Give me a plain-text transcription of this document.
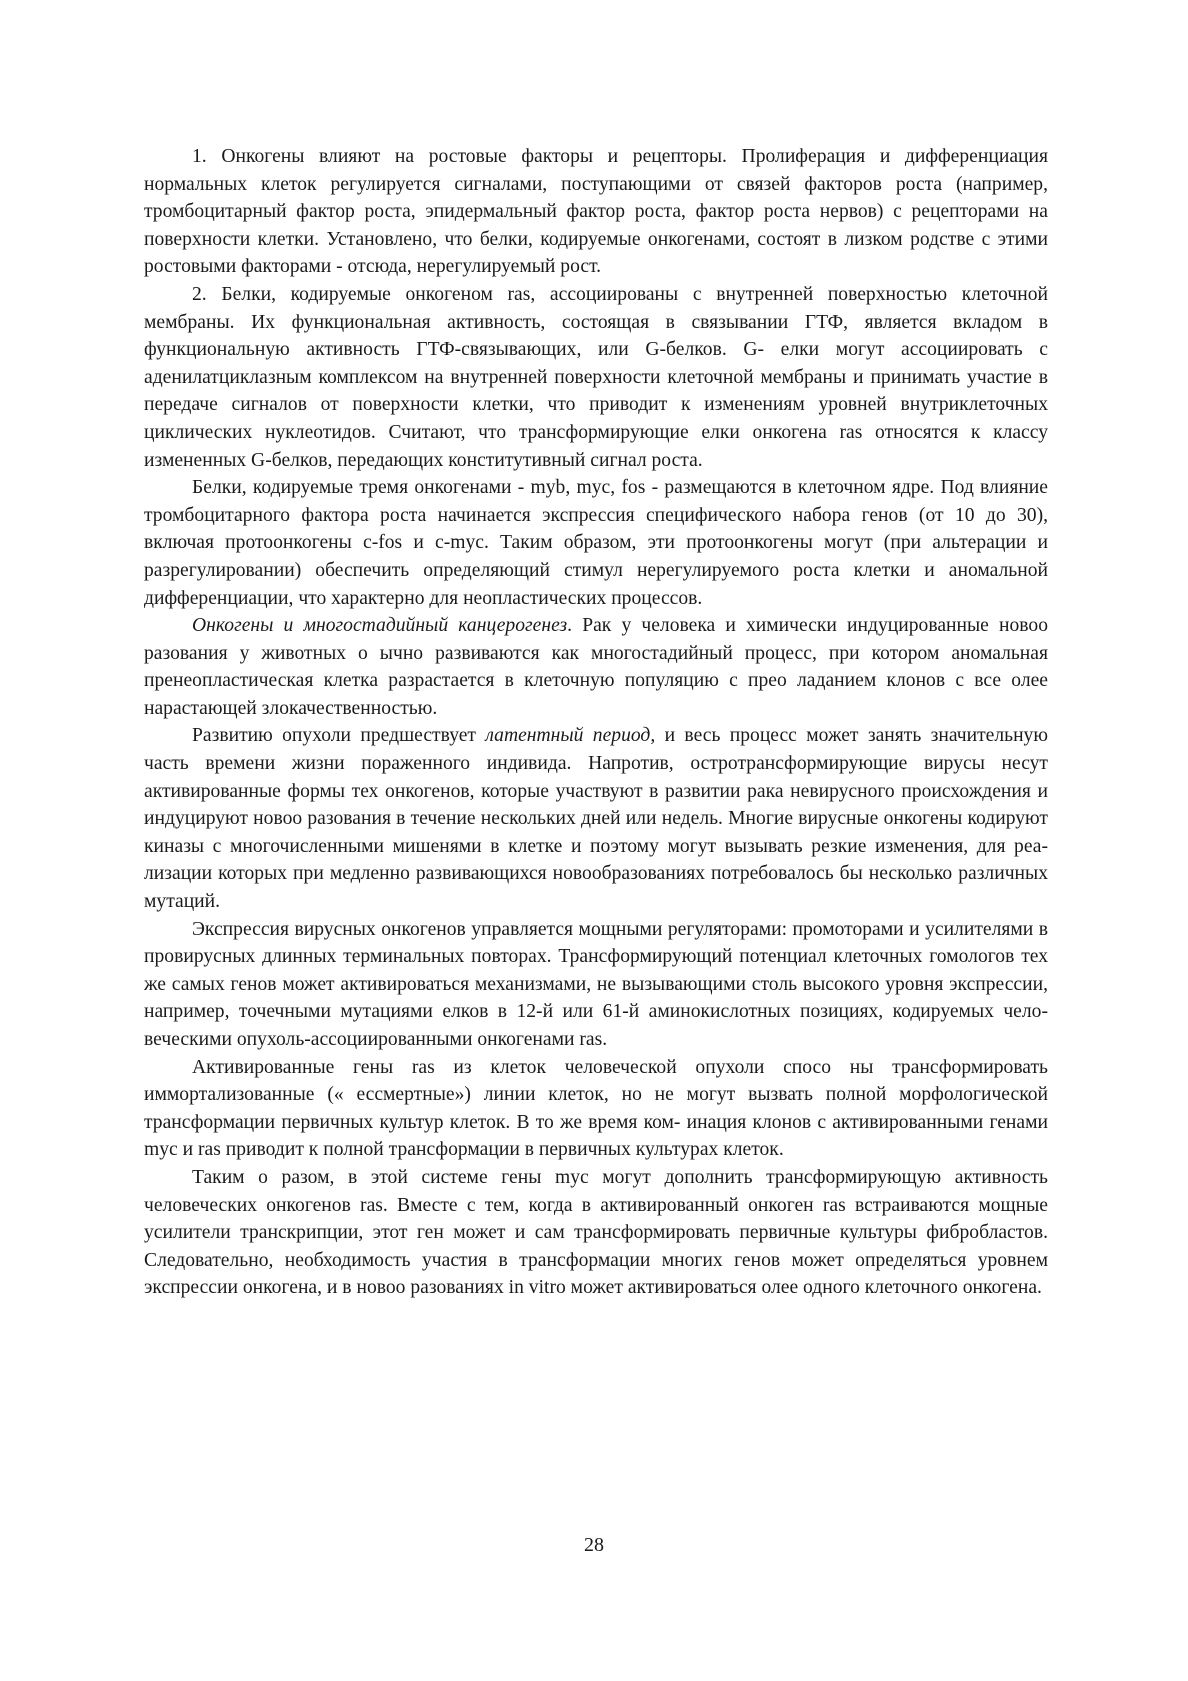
1. Онкогены влияют на ростовые факторы и рецепторы. Пролиферация и дифференциация нормальных клеток регулируется сигналами, поступающими от связей факторов роста (например, тромбоцитарный фактор роста, эпидермальный фактор роста, фактор роста нервов) с рецепторами на поверхности клетки. Установлено, что белки, кодируемые онкогенами, состоят в лизком родстве с этими ростовыми факторами - отсюда, нерегулируемый рост.

2. Белки, кодируемые онкогеном ras, ассоциированы с внутренней поверхностью клеточной мембраны. Их функциональная активность, состоящая в связывании ГТФ, является вкладом в функциональную активность ГТФ-связывающих, или G-белков. G- елки могут ассоциировать с аденилатциклазным комплексом на внутренней поверхности клеточной мембраны и принимать участие в передаче сигналов от поверхности клетки, что приводит к изменениям уровней внутриклеточных циклических нуклеотидов. Считают, что трансформирующие елки онкогена ras относятся к классу измененных G-белков, передающих конститутивный сигнал роста.

Белки, кодируемые тремя онкогенами - myb, myc, fos - размещаются в клеточном ядре. Под влияние тромбоцитарного фактора роста начинается экспрессия специфического набора генов (от 10 до 30), включая протоонкогены c-fos и c-myc. Таким образом, эти протоонкогены могут (при альтерации и разрегулировании) обеспечить определяющий стимул нерегулируемого роста клетки и аномальной дифференциации, что характерно для неопластических процессов.

Онкогены и многостадийный канцерогенез. Рак у человека и химически индуцированные новоо разования у животных о ычно развиваются как многостадийный процесс, при котором аномальная пренеопластическая клетка разрастается в клеточную популяцию с прео ладанием клонов с все олее нарастающей злокачественностью.

Развитию опухоли предшествует латентный период, и весь процесс может занять значительную часть времени жизни пораженного индивида. Напротив, остротрансформирующие вирусы несут активированные формы тех онкогенов, которые участвуют в развитии рака невирусного происхождения и индуцируют новоо разования в течение нескольких дней или недель. Многие вирусные онкогены кодируют киназы с многочисленными мишенями в клетке и поэтому могут вызывать резкие изменения, для реализации которых при медленно развивающихся новообразованиях потребовалось бы несколько различных мутаций.

Экспрессия вирусных онкогенов управляется мощными регуляторами: промоторами и усилителями в провирусных длинных терминальных повторах. Трансформирующий потенциал клеточных гомологов тех же самых генов может активироваться механизмами, не вызывающими столь высокого уровня экспрессии, например, точечными мутациями елков в 12-й или 61-й аминокислотных позициях, кодируемых человеческими опухоль-ассоциированными онкогенами ras.

Активированные гены ras из клеток человеческой опухоли спосо ны трансформировать иммортализованные (« ессмертные») линии клеток, но не могут вызвать полной морфологической трансформации первичных культур клеток. В то же время ком- инация клонов с активированными генами myc и ras приводит к полной трансформации в первичных культурах клеток.

Таким о разом, в этой системе гены myc могут дополнить трансформирующую активность человеческих онкогенов ras. Вместе с тем, когда в активированный онкоген ras встраиваются мощные усилители транскрипции, этот ген может и сам трансформировать первичные культуры фибробластов. Следовательно, необходимость участия в трансформации многих генов может определяться уровнем экспрессии онкогена, и в новоо разованиях in vitro может активироваться олее одного клеточного онкогена.

28
